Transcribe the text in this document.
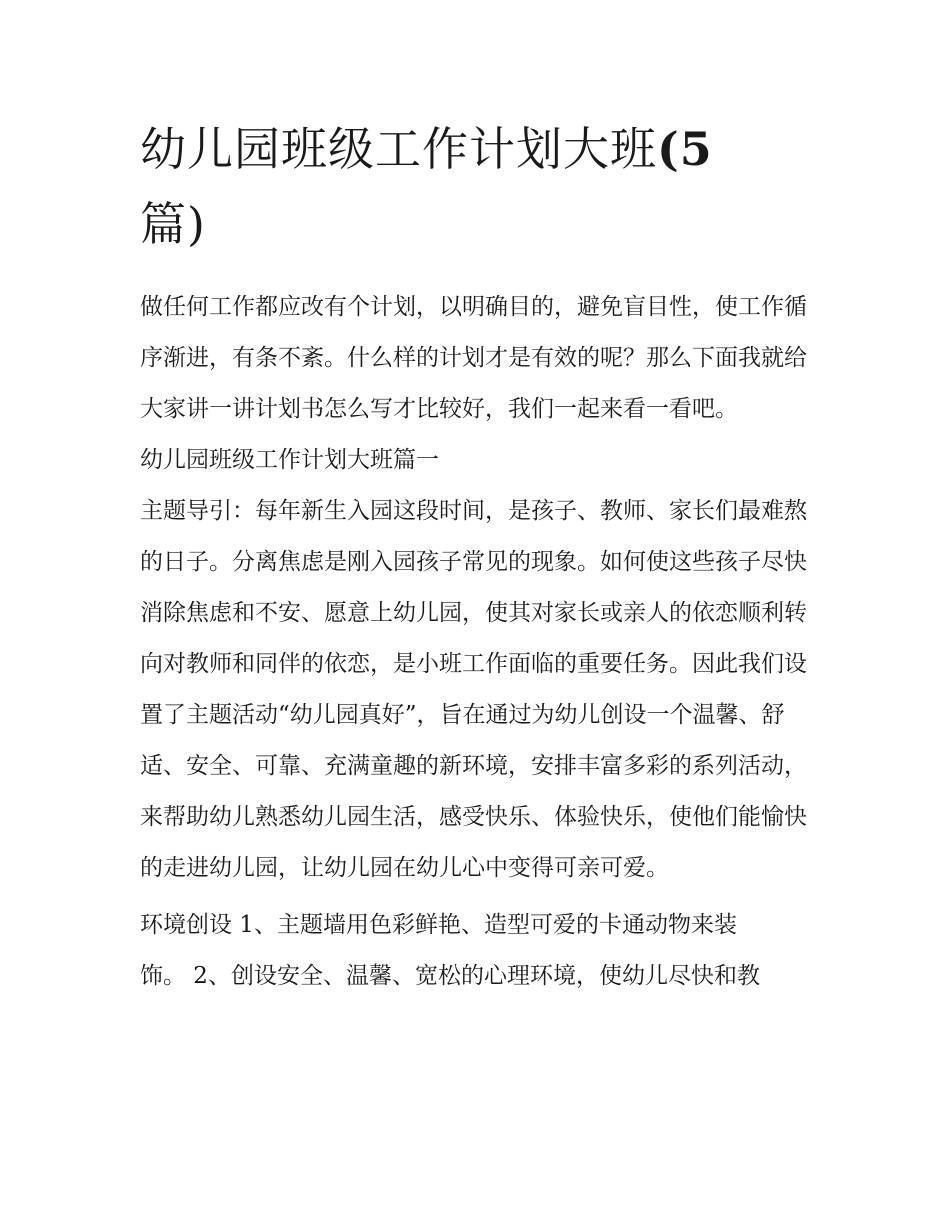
幼儿园班级工作计划大班(5
篇)

做任何工作都应改有个计划，以明确目的，避免盲目性，使工作循序渐进，有条不紊。什么样的计划才是有效的呢？那么下面我就给大家讲一讲计划书怎么写才比较好，我们一起来看一看吧。

幼儿园班级工作计划大班篇一

主题导引：每年新生入园这段时间，是孩子、教师、家长们最难熬的日子。分离焦虑是刚入园孩子常见的现象。如何使这些孩子尽快消除焦虑和不安、愿意上幼儿园，使其对家长或亲人的依恋顺利转向对教师和同伴的依恋，是小班工作面临的重要任务。因此我们设置了主题活动“幼儿园真好”，旨在通过为幼儿创设一个温馨、舒适、安全、可靠、充满童趣的新环境，安排丰富多彩的系列活动，来帮助幼儿熟悉幼儿园生活，感受快乐、体验快乐，使他们能愉快的走进幼儿园，让幼儿园在幼儿心中变得可亲可爱。

环境创设 1、主题墙用色彩鲜艳、造型可爱的卡通动物来装

饰。 2、创设安全、温馨、宽松的心理环境，使幼儿尽快和教
